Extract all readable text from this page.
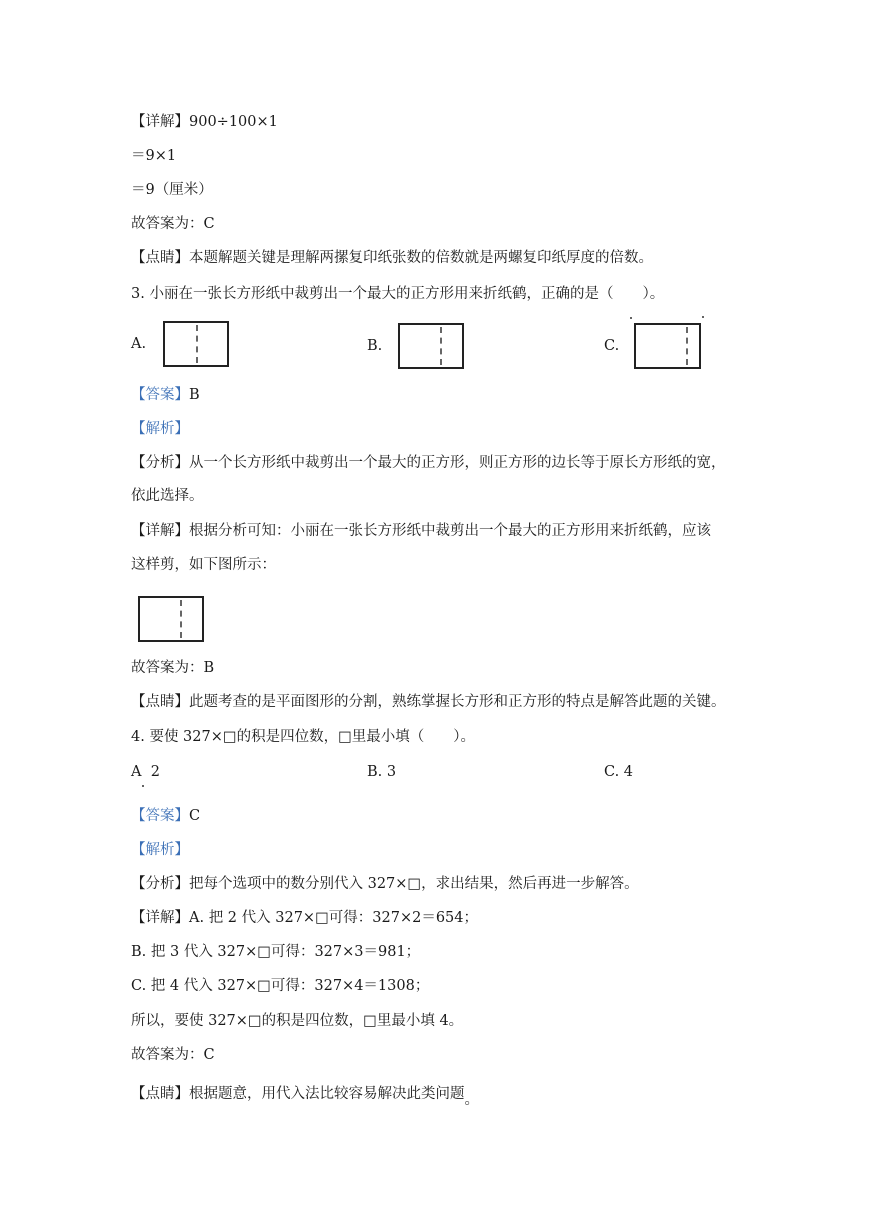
【详解】900÷100×1
＝9×1
＝9（厘米）
故答案为：C
【点睛】本题解题关键是理解两摞复印纸张数的倍数就是两螺复印纸厚度的倍数。
3. 小丽在一张长方形纸中裁剪出一个最大的正方形用来折纸鹤，正确的是（　　）。
A.	B.	C.
【答案】B
【解析】
【分析】从一个长方形纸中裁剪出一个最大的正方形，则正方形的边长等于原长方形纸的宽，
依此选择。
【详解】根据分析可知：小丽在一张长方形纸中裁剪出一个最大的正方形用来折纸鹤，应该
这样剪，如下图所示：
故答案为：B
【点睛】此题考查的是平面图形的分割，熟练掌握长方形和正方形的特点是解答此题的关键。
4. 要使 327×□的积是四位数，□里最小填（　　）。
A 2	B. 3	C. 4
【答案】C
【解析】
【分析】把每个选项中的数分别代入 327×□，求出结果，然后再进一步解答。
【详解】A. 把 2 代入 327×□可得：327×2＝654；
B. 把 3 代入 327×□可得：327×3＝981；
C. 把 4 代入 327×□可得：327×4＝1308；
所以，要使 327×□的积是四位数，□里最小填 4。
故答案为：C
【点睛】根据题意，用代入法比较容易解决此类问题。
